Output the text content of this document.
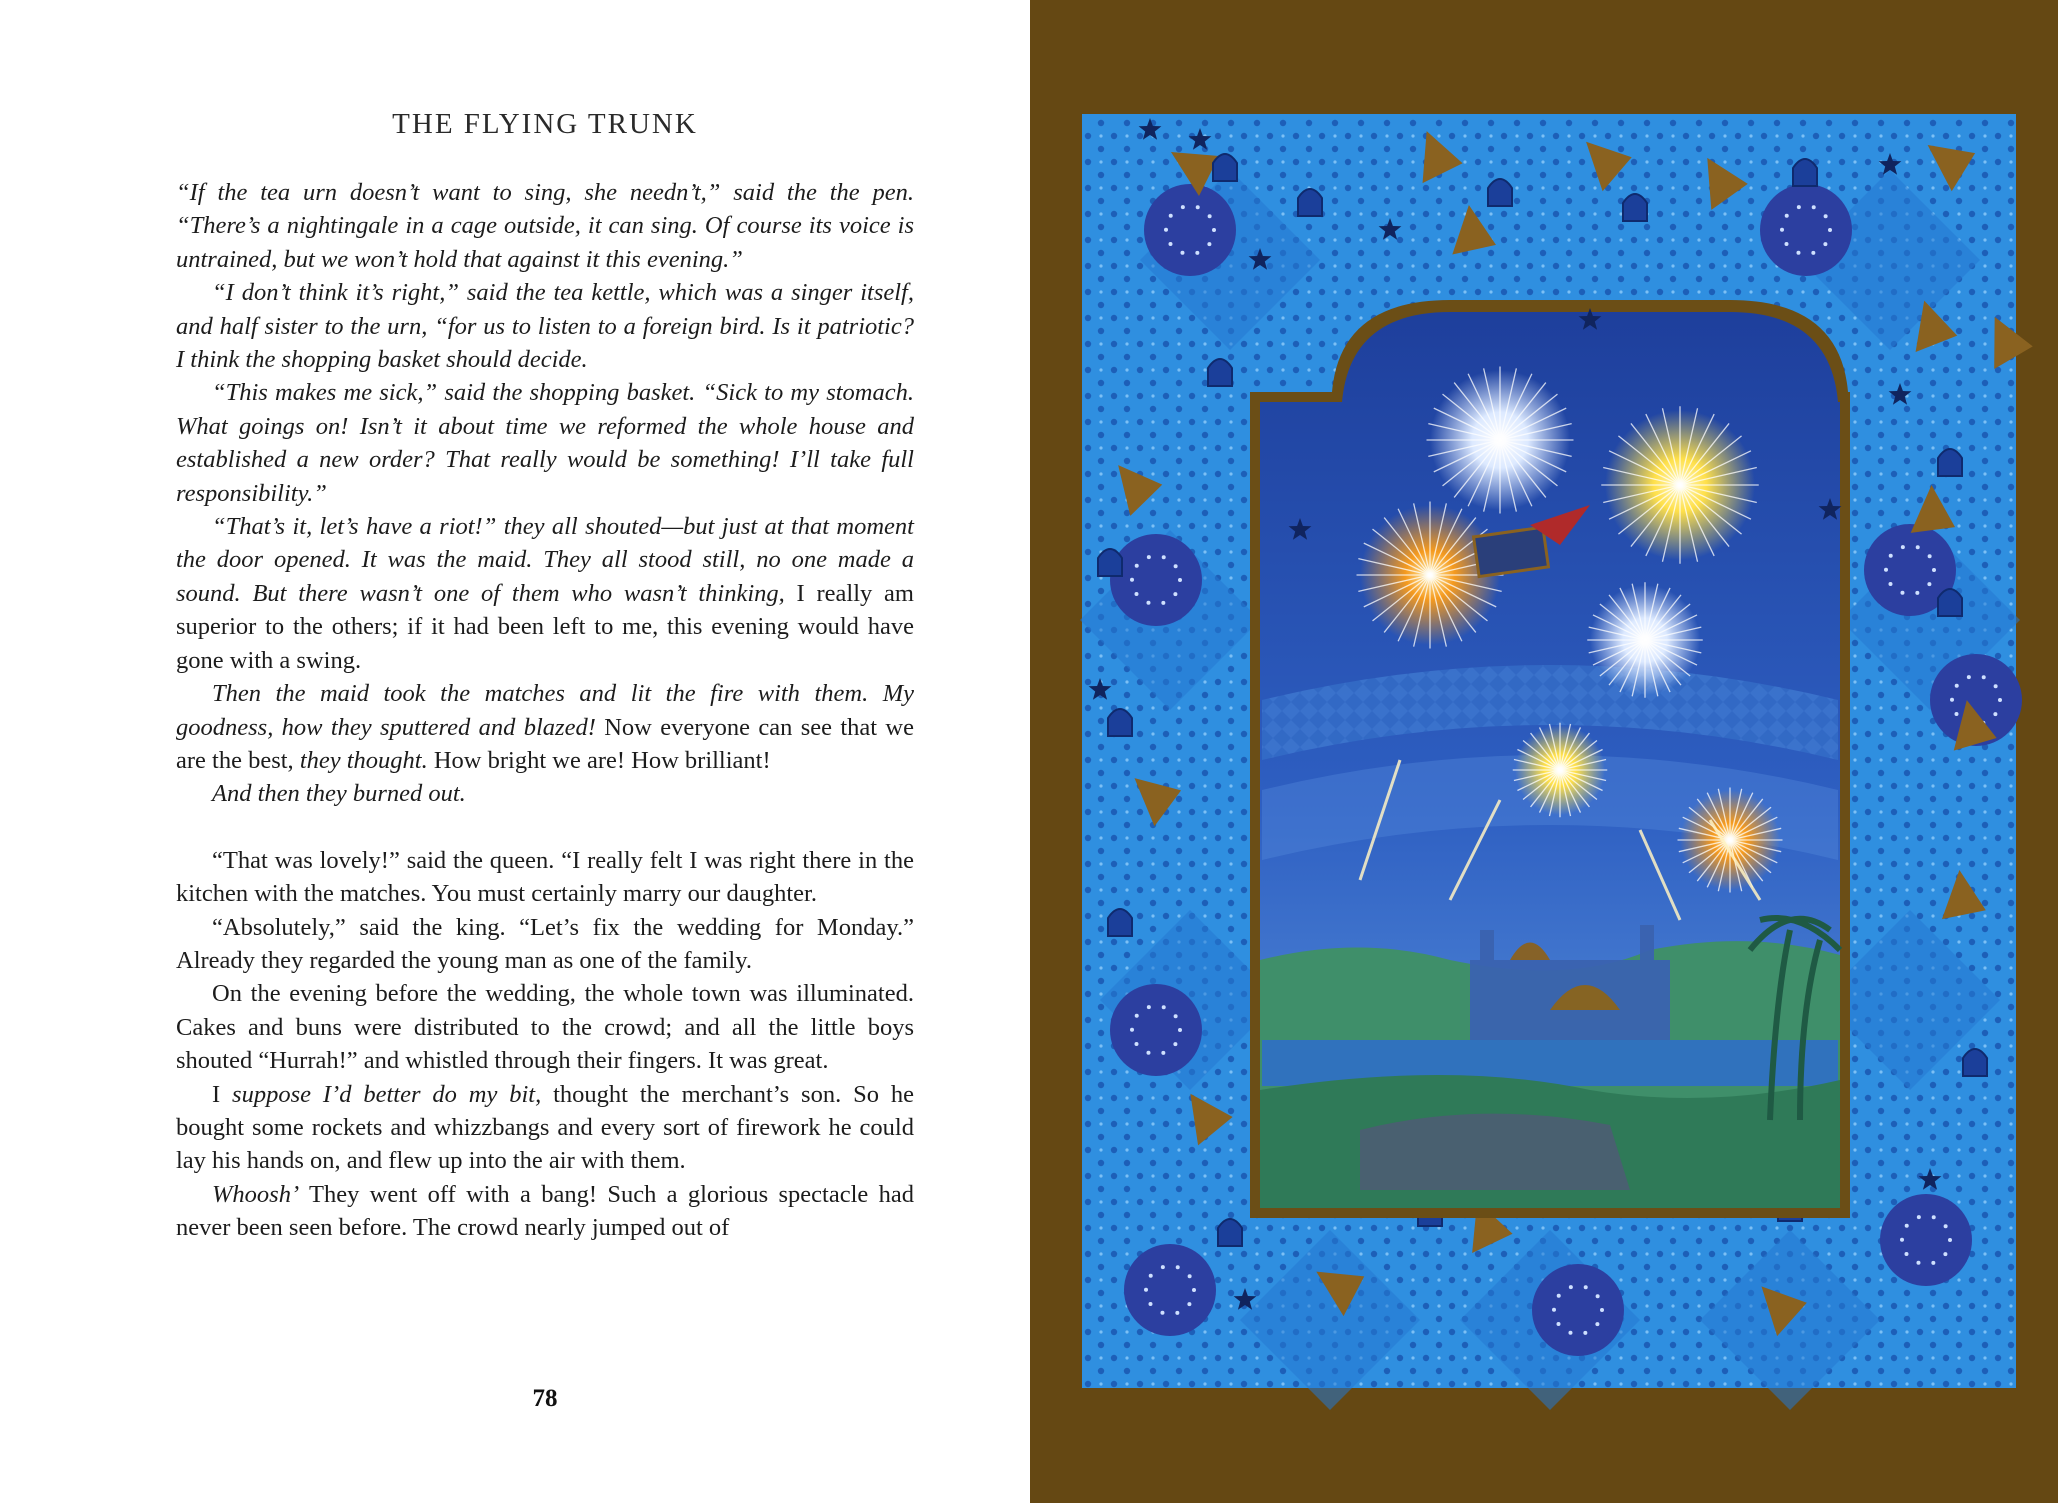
THE FLYING TRUNK

“If the tea urn doesn’t want to sing, she needn’t,” said the the pen. “There’s a nightingale in a cage outside, it can sing. Of course its voice is untrained, but we won’t hold that against it this evening.”

“I don’t think it’s right,” said the tea kettle, which was a singer itself, and half sister to the urn, “for us to listen to a foreign bird. Is it patriotic? I think the shopping basket should decide.

“This makes me sick,” said the shopping basket. “Sick to my stomach. What goings on! Isn’t it about time we reformed the whole house and established a new order? That really would be something! I’ll take full responsibility.”

“That’s it, let’s have a riot!” they all shouted—but just at that moment the door opened. It was the maid. They all stood still, no one made a sound. But there wasn’t one of them who wasn’t thinking, I really am superior to the others; if it had been left to me, this evening would have gone with a swing.

Then the maid took the matches and lit the fire with them. My goodness, how they sputtered and blazed! Now everyone can see that we are the best, they thought. How bright we are! How brilliant!

And then they burned out.

“That was lovely!” said the queen. “I really felt I was right there in the kitchen with the matches. You must certainly marry our daughter.

“Absolutely,” said the king. “Let’s fix the wedding for Monday.” Already they regarded the young man as one of the family.

On the evening before the wedding, the whole town was illuminated. Cakes and buns were distributed to the crowd; and all the little boys shouted “Hurrah!” and whistled through their fingers. It was great.

I suppose I’d better do my bit, thought the merchant’s son. So he bought some rockets and whizzbangs and every sort of firework he could lay his hands on, and flew up into the air with them.

Whoosh’ They went off with a bang! Such a glorious spectacle had never been seen before. The crowd nearly jumped out of

78
